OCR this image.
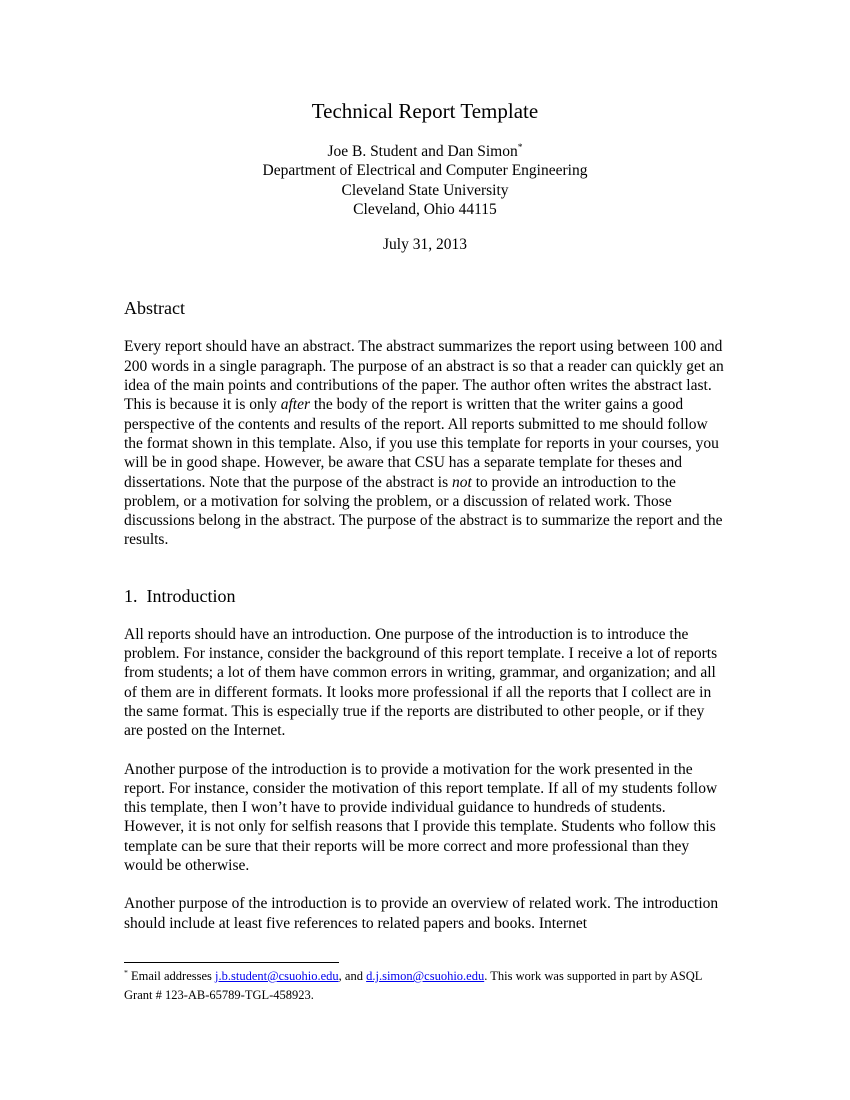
Technical Report Template

Joe B. Student and Dan Simon*

Department of Electrical and Computer Engineering

Cleveland State University

Cleveland, Ohio 44115

July 31, 2013

Abstract

Every report should have an abstract. The abstract summarizes the report using between 100 and 200 words in a single paragraph. The purpose of an abstract is so that a reader can quickly get an idea of the main points and contributions of the paper. The author often writes the abstract last. This is because it is only after the body of the report is written that the writer gains a good perspective of the contents and results of the report. All reports submitted to me should follow the format shown in this template. Also, if you use this template for reports in your courses, you will be in good shape. However, be aware that CSU has a separate template for theses and dissertations. Note that the purpose of the abstract is not to provide an introduction to the problem, or a motivation for solving the problem, or a discussion of related work. Those discussions belong in the abstract. The purpose of the abstract is to summarize the report and the results.

1. Introduction

All reports should have an introduction. One purpose of the introduction is to introduce the problem. For instance, consider the background of this report template. I receive a lot of reports from students; a lot of them have common errors in writing, grammar, and organization; and all of them are in different formats. It looks more professional if all the reports that I collect are in the same format. This is especially true if the reports are distributed to other people, or if they are posted on the Internet.

Another purpose of the introduction is to provide a motivation for the work presented in the report. For instance, consider the motivation of this report template. If all of my students follow this template, then I won’t have to provide individual guidance to hundreds of students. However, it is not only for selfish reasons that I provide this template. Students who follow this template can be sure that their reports will be more correct and more professional than they would be otherwise.

Another purpose of the introduction is to provide an overview of related work. The introduction should include at least five references to related papers and books. Internet

* Email addresses j.b.student@csuohio.edu, and d.j.simon@csuohio.edu. This work was supported in part by ASQL Grant # 123-AB-65789-TGL-458923.
